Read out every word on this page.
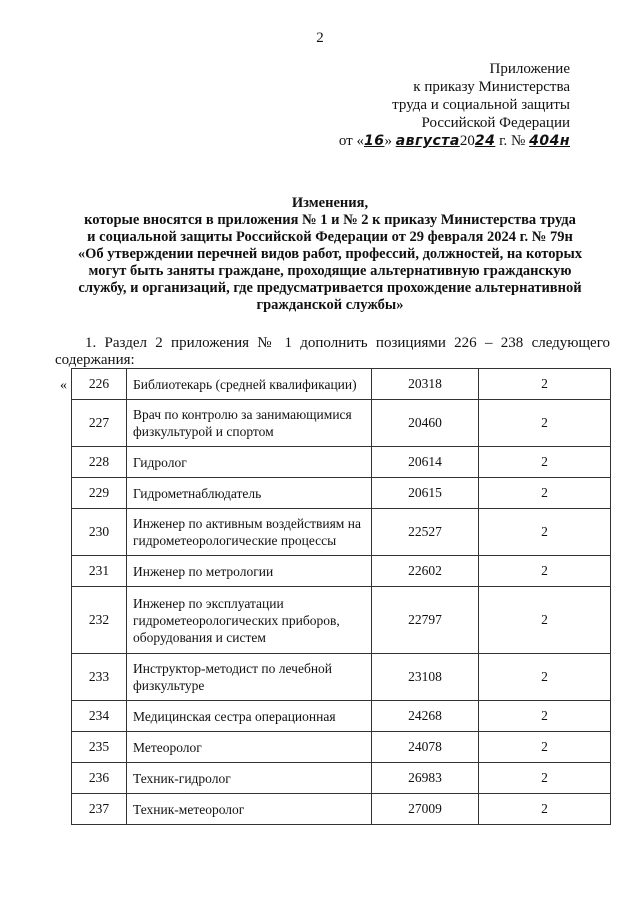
2
Приложение
к приказу Министерства
труда и социальной защиты
Российской Федерации
от «16» августа2024 г. № 404н
Изменения,
которые вносятся в приложения № 1 и № 2 к приказу Министерства труда
и социальной защиты Российской Федерации от 29 февраля 2024 г. № 79н
«Об утверждении перечней видов работ, профессий, должностей, на которых
могут быть заняты граждане, проходящие альтернативную гражданскую
службу, и организаций, где предусматривается прохождение альтернативной
гражданской службы»
1. Раздел 2 приложения № 1 дополнить позициями 226 – 238 следующего содержания:
« 226	Библиотекарь (средней квалификации)	20318	2
227	Врач по контролю за занимающимися физкультурой и спортом	20460	2
228	Гидролог	20614	2
229	Гидрометнаблюдатель	20615	2
230	Инженер по активным воздействиям на гидрометеорологические процессы	22527	2
231	Инженер по метрологии	22602	2
232	Инженер по эксплуатации гидрометеорологических приборов, оборудования и систем	22797	2
233	Инструктор-методист по лечебной физкультуре	23108	2
234	Медицинская сестра операционная	24268	2
235	Метеоролог	24078	2
236	Техник-гидролог	26983	2
237	Техник-метеоролог	27009	2
